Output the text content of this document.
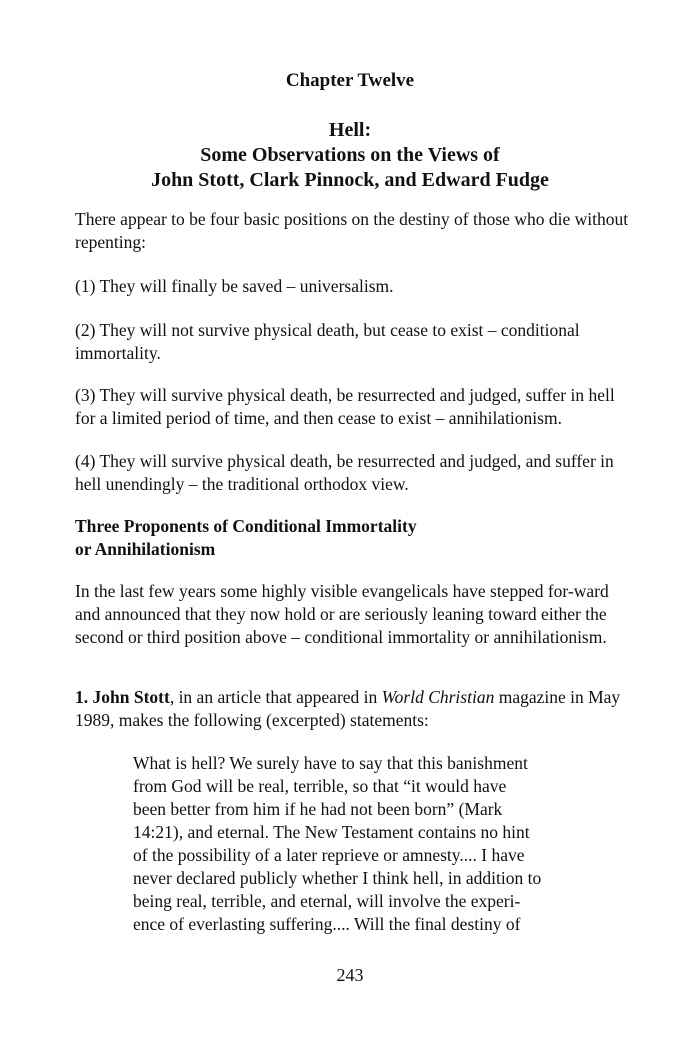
Chapter Twelve
Hell:
Some Observations on the Views of
John Stott, Clark Pinnock, and Edward Fudge

There appear to be four basic positions on the destiny of those who die without repenting:

(1) They will finally be saved – universalism.

(2) They will not survive physical death, but cease to exist – conditional immortality.

(3) They will survive physical death, be resurrected and judged, suffer in hell for a limited period of time, and then cease to exist – annihilationism.

(4) They will survive physical death, be resurrected and judged, and suffer in hell unendingly – the traditional orthodox view.

Three Proponents of Conditional Immortality
or Annihilationism

In the last few years some highly visible evangelicals have stepped for-ward and announced that they now hold or are seriously leaning toward either the second or third position above – conditional immortality or annihilationism.

1. John Stott, in an article that appeared in World Christian magazine in May 1989, makes the following (excerpted) statements:

What is hell? We surely have to say that this banishment
from God will be real, terrible, so that “it would have
been better from him if he had not been born” (Mark
14:21), and eternal. The New Testament contains no hint
of the possibility of a later reprieve or amnesty.... I have
never declared publicly whether I think hell, in addition to
being real, terrible, and eternal, will involve the experi-
ence of everlasting suffering.... Will the final destiny of
243
